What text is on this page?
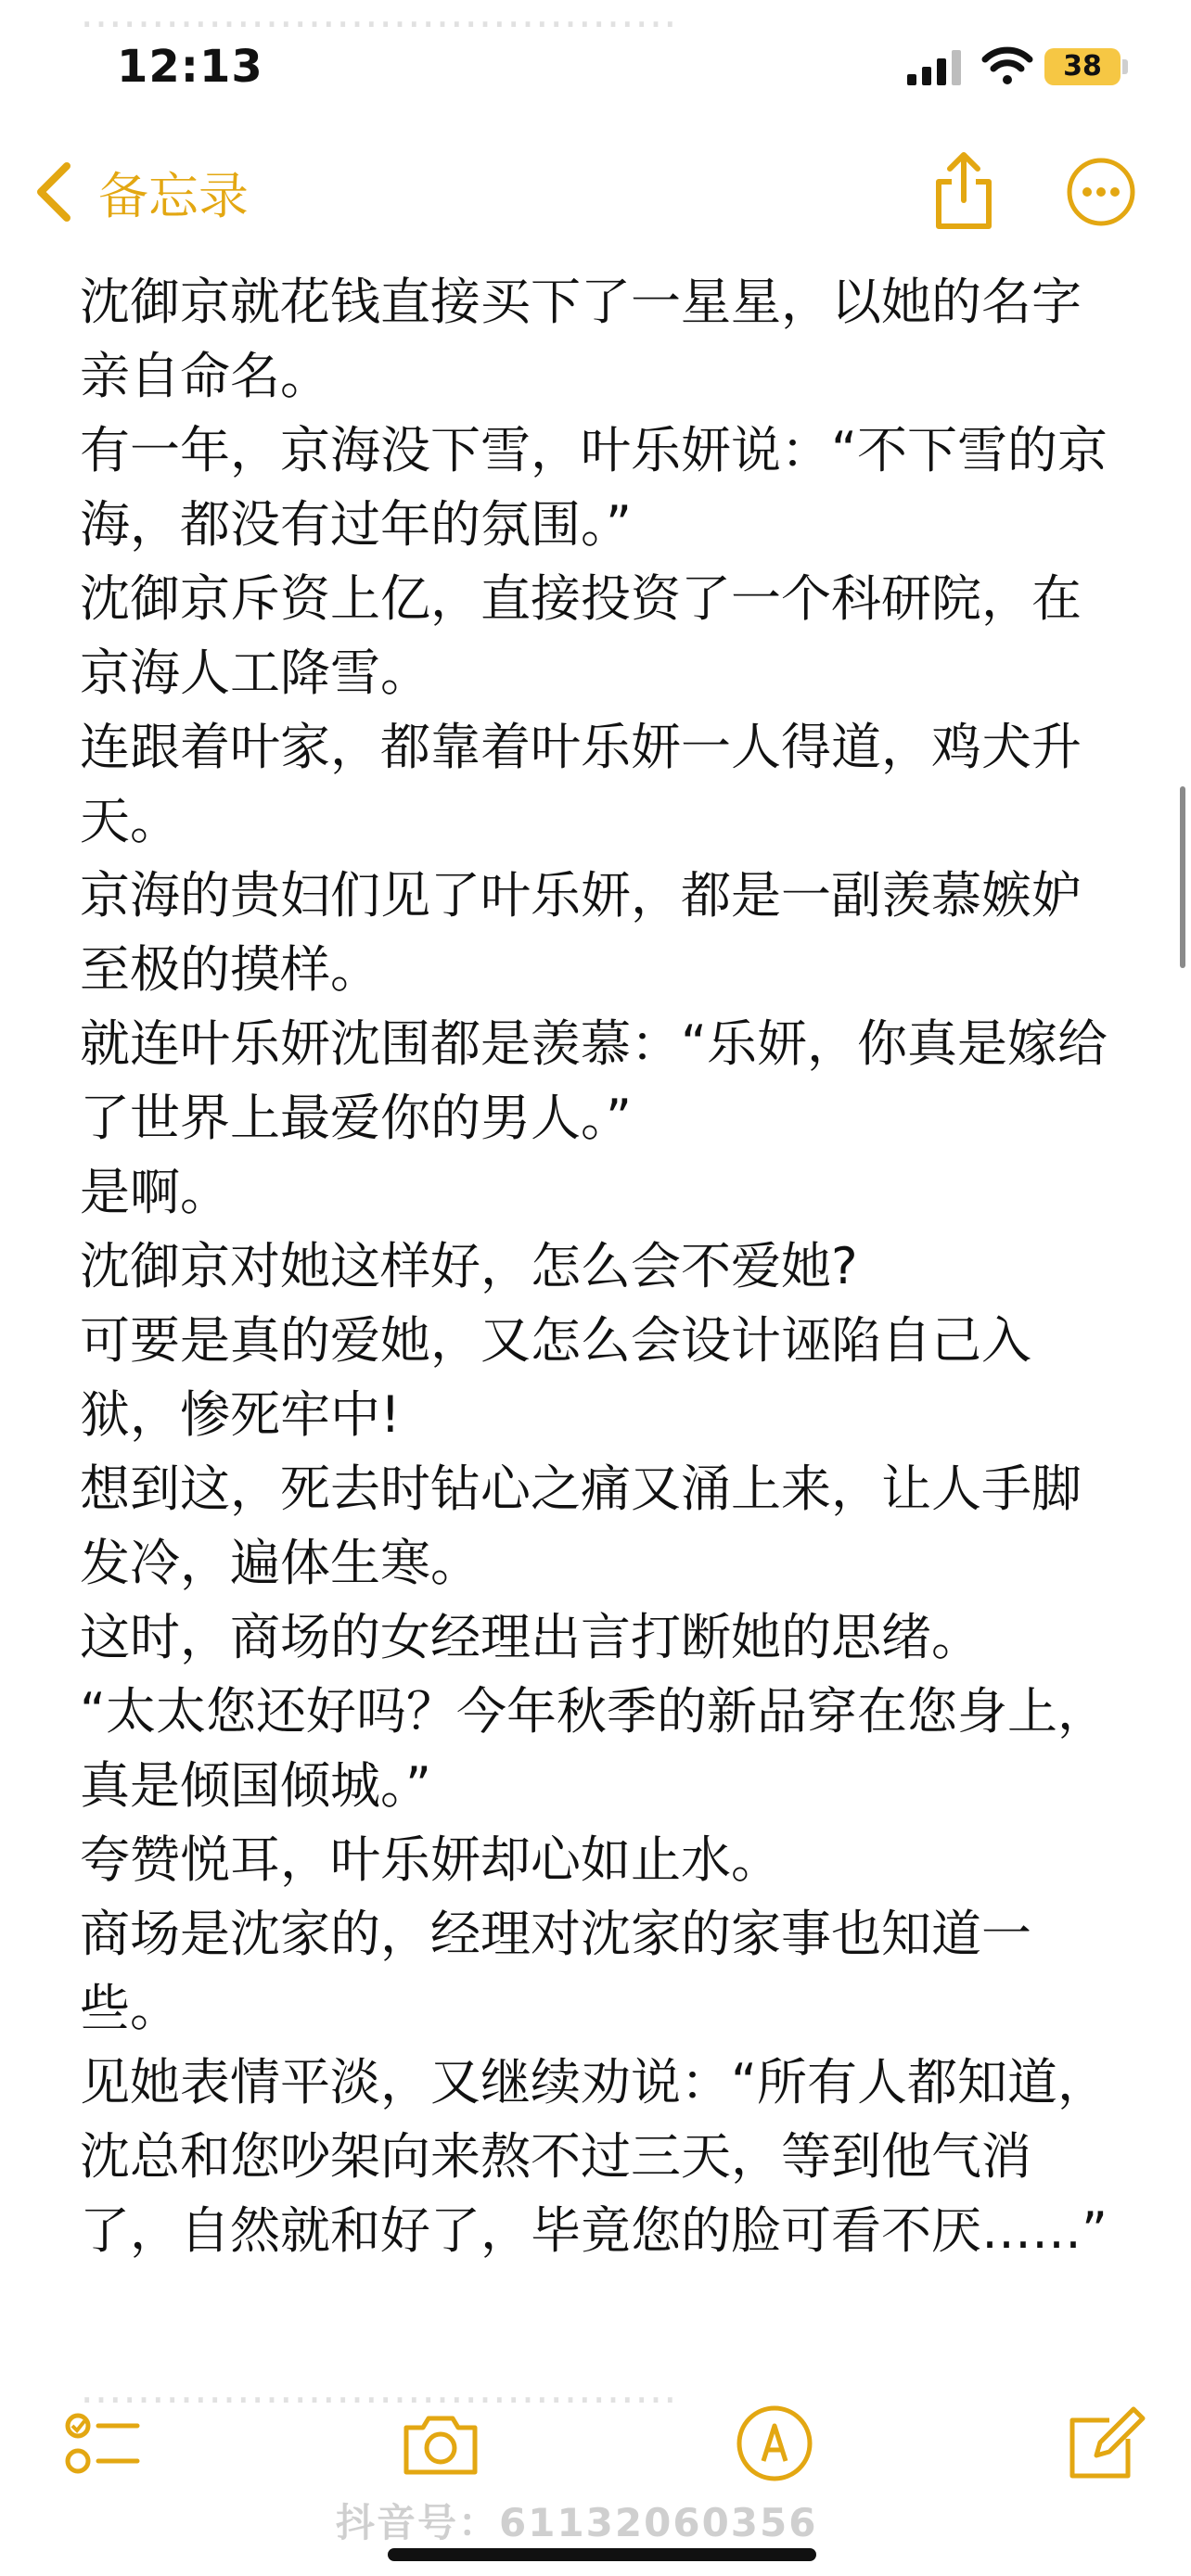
12:13	38
……………………………………
备忘录

沈御京就花钱直接买下了一星星，以她的名字亲自命名。

有一年，京海没下雪，叶乐妍说：“不下雪的京海，都没有过年的氛围。”

沈御京斥资上亿，直接投资了一个科研院，在京海人工降雪。

连跟着叶家，都靠着叶乐妍一人得道，鸡犬升天。

京海的贵妇们见了叶乐妍，都是一副羡慕嫉妒至极的摸样。

就连叶乐妍沈围都是羡慕：“乐妍，你真是嫁给了世界上最爱你的男人。”

是啊。

沈御京对她这样好，怎么会不爱她?

可要是真的爱她，又怎么会设计诬陷自己入狱，惨死牢中!

想到这，死去时钻心之痛又涌上来，让人手脚发冷，遍体生寒。

这时，商场的女经理出言打断她的思绪。

“太太您还好吗？今年秋季的新品穿在您身上，真是倾国倾城。”

夸赞悦耳，叶乐妍却心如止水。

商场是沈家的，经理对沈家的家事也知道一些。

见她表情平淡，又继续劝说：“所有人都知道，沈总和您吵架向来熬不过三天，等到他气消了，自然就和好了，毕竟您的脸可看不厌……”

……………………………………
抖音号：61132060356
